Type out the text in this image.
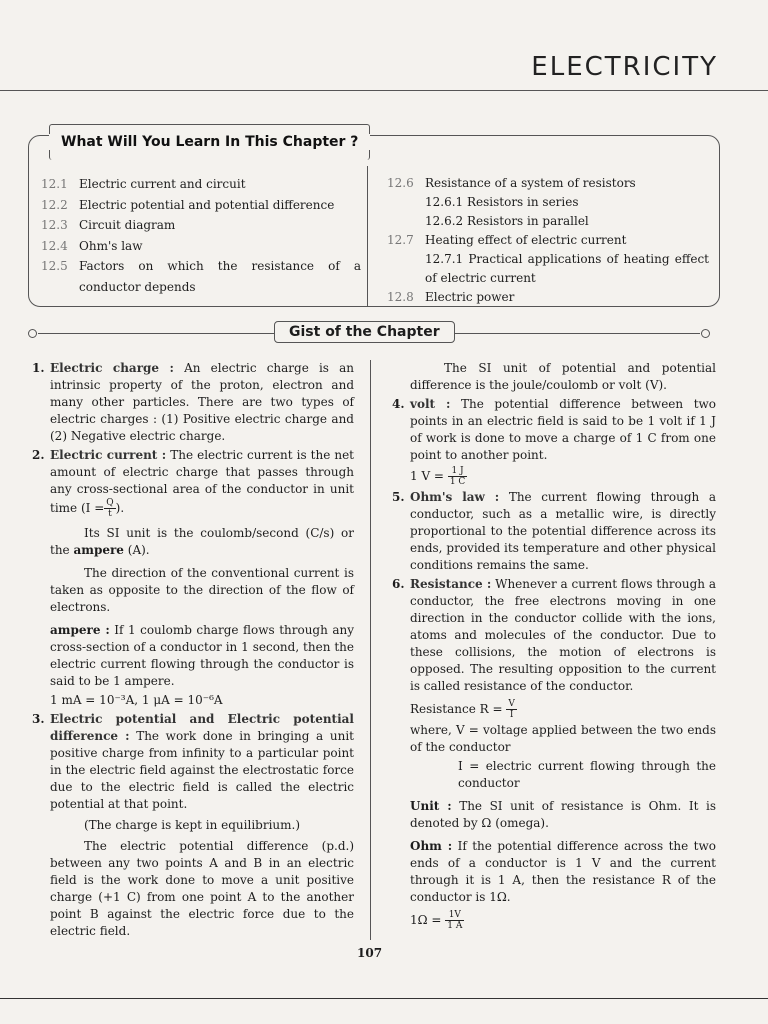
ELECTRICITY
What Will You Learn In This Chapter ?
12.1 Electric current and circuit
12.2 Electric potential and potential difference
12.3 Circuit diagram
12.4 Ohm's law
12.5 Factors on which the resistance of a conductor depends
12.6 Resistance of a system of resistors
12.6.1 Resistors in series
12.6.2 Resistors in parallel
12.7 Heating effect of electric current
12.7.1 Practical applications of heating effect of electric current
12.8 Electric power
Gist of the Chapter
1. Electric charge : An electric charge is an intrinsic property of the proton, electron and many other particles. There are two types of electric charges : (1) Positive electric charge and (2) Negative electric charge.
2. Electric current : The electric current is the net amount of electric charge that passes through any cross-sectional area of the conductor in unit time ($I = \frac{Q}{t}$ ).

Its SI unit is the coulomb/second (C/s) or the ampere (A).

The direction of the conventional current is taken as opposite to the direction of the flow of electrons.

ampere : If 1 coulomb charge flows through any cross-section of a conductor in 1 second, then the electric current flowing through the conductor is said to be 1 ampere.

1 mA = 10⁻³A, 1 μA = 10⁻⁶A

3. Electric potential and Electric potential difference : The work done in bringing a unit positive charge from infinity to a particular point in the electric field against the electrostatic force due to the electric field is called the electric potential at that point.

(The charge is kept in equilibrium.)

The electric potential difference (p.d.) between any two points A and B in an electric field is the work done to move a unit positive charge (+1 C) from one point A to the another point B against the electric force due to the electric field.

The SI unit of potential and potential difference is the joule/coulomb or volt (V).

4. volt : The potential difference between two points in an electric field is said to be 1 volt if 1 J of work is done to move a charge of 1 C from one point to another point.

1 $V = \frac{1 J}{1 C}$

5. Ohm's law : The current flowing through a conductor, such as a metallic wire, is directly proportional to the potential difference across its ends, provided its temperature and other physical conditions remains the same.
6. Resistance : Whenever a current flows through a conductor, the free electrons moving in one direction in the conductor collide with the ions, atoms and molecules of the conductor. Due to these collisions, the motion of electrons is opposed. The resulting opposition to the current is called resistance of the conductor.

Resistance $R = \frac{V}{I}$

where, V = voltage applied between the two ends of the conductor

I = electric current flowing through the conductor

Unit : The SI unit of resistance is Ohm. It is denoted by Ω (omega).

Ohm : If the potential difference across the two ends of a conductor is 1 V and the current through it is 1 A, then the resistance R of the conductor is 1Ω.

$1\Omega = \frac{1V}{1 A}$

107
